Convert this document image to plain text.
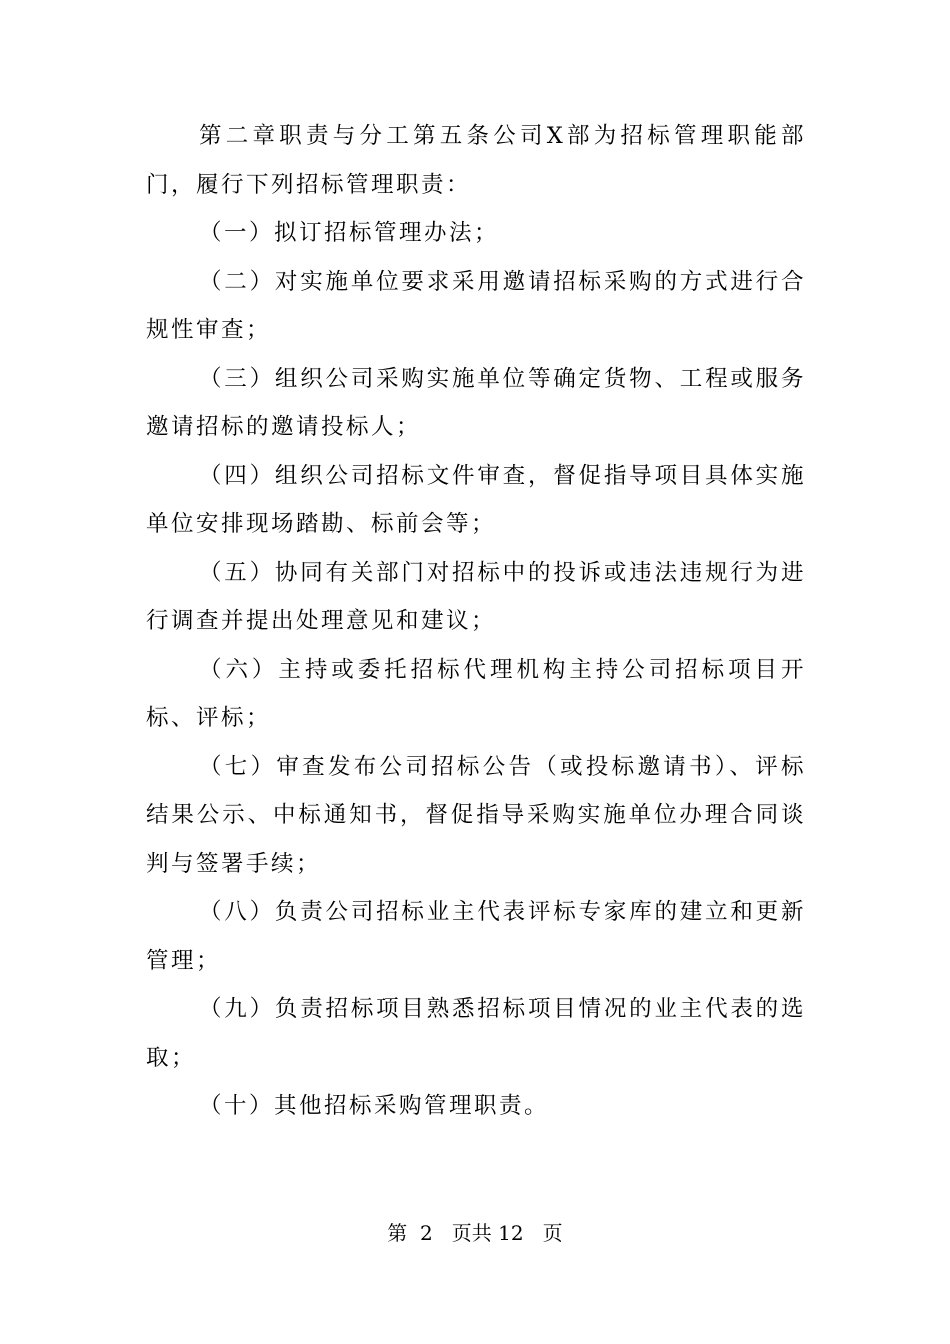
第二章职责与分工第五条公司X部为招标管理职能部门，履行下列招标管理职责：

（一）拟订招标管理办法；

（二）对实施单位要求采用邀请招标采购的方式进行合规性审查；

（三）组织公司采购实施单位等确定货物、工程或服务邀请招标的邀请投标人；

（四）组织公司招标文件审查，督促指导项目具体实施单位安排现场踏勘、标前会等；

（五）协同有关部门对招标中的投诉或违法违规行为进行调查并提出处理意见和建议；

（六）主持或委托招标代理机构主持公司招标项目开标、评标；

（七）审查发布公司招标公告（或投标邀请书）、评标结果公示、中标通知书，督促指导采购实施单位办理合同谈判与签署手续；

（八）负责公司招标业主代表评标专家库的建立和更新管理；

（九）负责招标项目熟悉招标项目情况的业主代表的选取；

（十）其他招标采购管理职责。

第  2   页共 12   页
